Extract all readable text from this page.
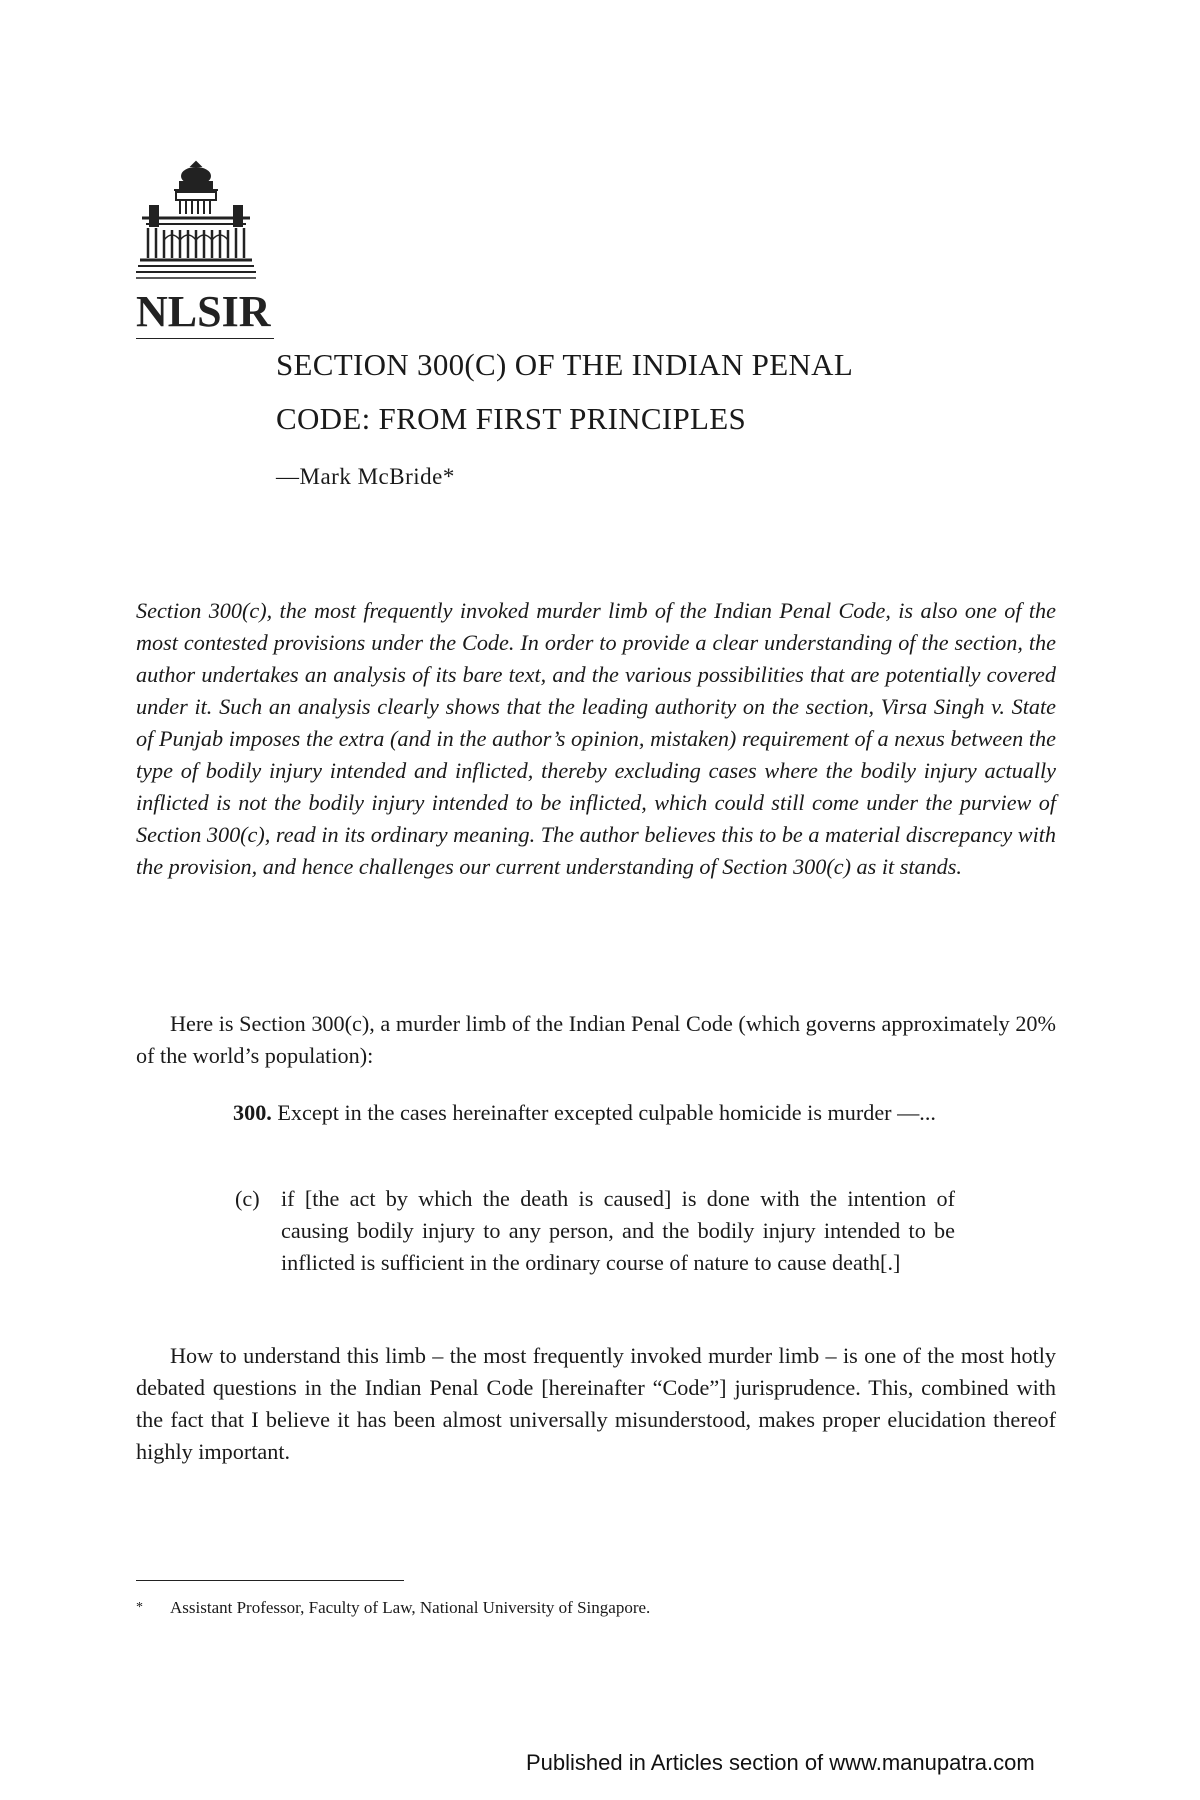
NLSIR
SECTION 300(C) OF THE INDIAN PENAL
CODE: FROM FIRST PRINCIPLES
—Mark McBride*
Section 300(c), the most frequently invoked murder limb of the Indian Penal Code, is also one of the most contested provisions under the Code. In order to provide a clear understanding of the section, the author undertakes an analysis of its bare text, and the various possibilities that are potentially covered under it. Such an analysis clearly shows that the leading authority on the section, Virsa Singh v. State of Punjab imposes the extra (and in the author’s opinion, mistaken) requirement of a nexus between the type of bodily injury intended and inflicted, thereby excluding cases where the bodily injury actually inflicted is not the bodily injury intended to be inflicted, which could still come under the purview of Section 300(c), read in its ordinary meaning. The author believes this to be a material discrepancy with the provision, and hence challenges our current understanding of Section 300(c) as it stands.
Here is Section 300(c), a murder limb of the Indian Penal Code (which governs approximately 20% of the world’s population):
300. Except in the cases hereinafter excepted culpable homicide is murder —...
(c) if [the act by which the death is caused] is done with the intention of causing bodily injury to any person, and the bodily injury intended to be inflicted is sufficient in the ordinary course of nature to cause death[.]
How to understand this limb – the most frequently invoked murder limb – is one of the most hotly debated questions in the Indian Penal Code [hereinafter “Code”] jurisprudence. This, combined with the fact that I believe it has been almost universally misunderstood, makes proper elucidation thereof highly important.
* Assistant Professor, Faculty of Law, National University of Singapore.
Published in Articles section of www.manupatra.com
